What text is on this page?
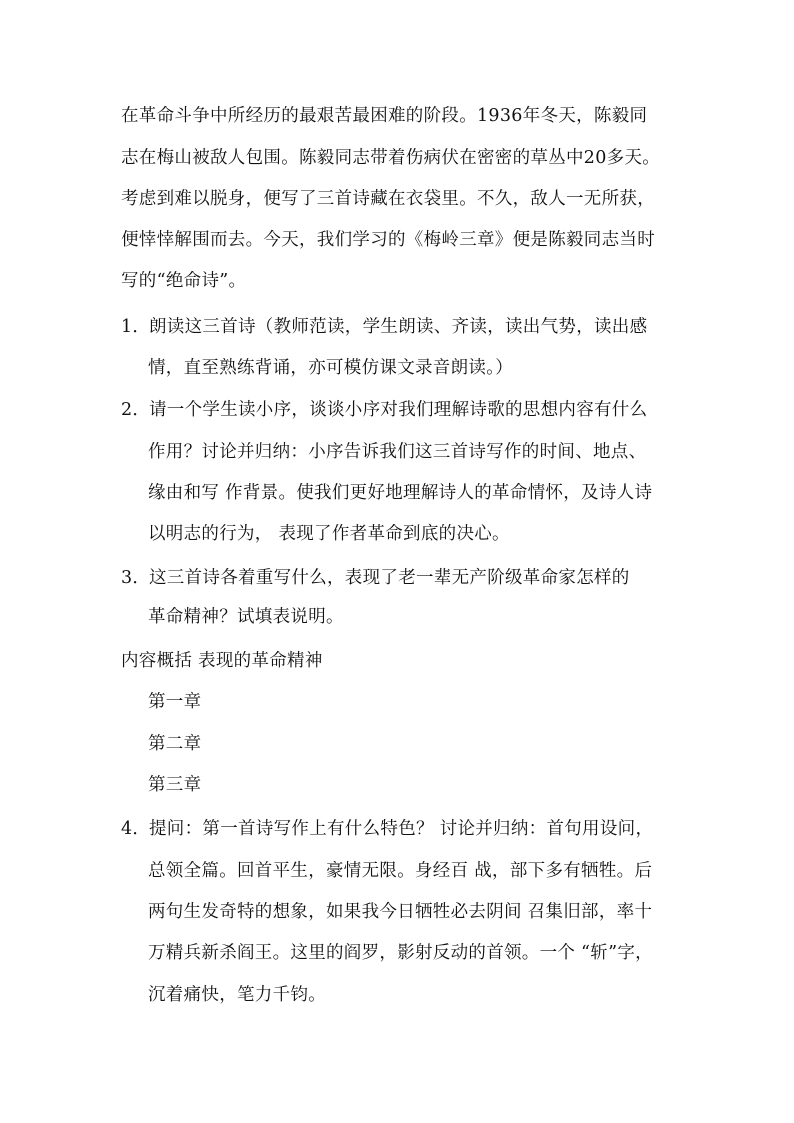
在革命斗争中所经历的最艰苦最困难的阶段。1936年冬天，陈毅同
志在梅山被敌人包围。陈毅同志带着伤病伏在密密的草丛中20多天。
考虑到难以脱身，便写了三首诗藏在衣袋里。不久，敌人一无所获，
便悻悻解围而去。今天，我们学习的《梅岭三章》便是陈毅同志当时
写的“绝命诗”。
1．
朗读这三首诗（教师范读，学生朗读、齐读，读出气势，读出感
情，直至熟练背诵，亦可模仿课文录音朗读。）
2．
请一个学生读小序，谈谈小序对我们理解诗歌的思想内容有什么
作用？讨论并归纳：小序告诉我们这三首诗写作的时间、地点、
缘由和写 作背景。使我们更好地理解诗人的革命情怀，及诗人诗
以明志的行为， 表现了作者革命到底的决心。
3．
这三首诗各着重写什么，表现了老一辈无产阶级革命家怎样的
革命精神？试填表说明。
内容概括 表现的革命精神
第一章
第二章
第三章
4．
提问：第一首诗写作上有什么特色？ 讨论并归纳：首句用设问，
总领全篇。回首平生，豪情无限。身经百 战，部下多有牺牲。后
两句生发奇特的想象，如果我今日牺牲必去阴间 召集旧部，率十
万精兵新杀阎王。这里的阎罗，影射反动的首领。一个 “斩”字，
沉着痛快，笔力千钧。
